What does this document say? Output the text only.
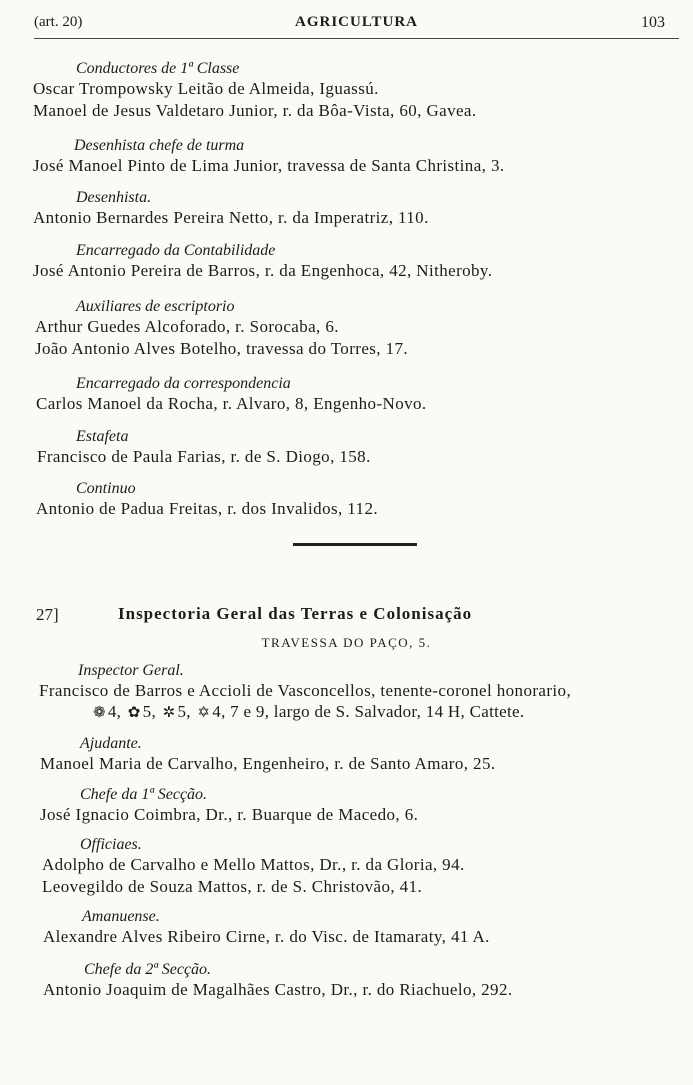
(art. 20)	AGRICULTURA	103
Conductores de 1ª Classe
Oscar Trompowsky Leitão de Almeida, Iguassú.
Manoel de Jesus Valdetaro Junior, r. da Bôa-Vista, 60, Gavea.
Desenhista chefe de turma
José Manoel Pinto de Lima Junior, travessa de Santa Christina, 3.
Desenhista.
Antonio Bernardes Pereira Netto, r. da Imperatriz, 110.
Encarregado da Contabilidade
José Antonio Pereira de Barros, r. da Engenhoca, 42, Nitheroby.
Auxiliares de escriptorio
Arthur Guedes Alcoforado, r. Sorocaba, 6.
João Antonio Alves Botelho, travessa do Torres, 17.
Encarregado da correspondencia
Carlos Manoel da Rocha, r. Alvaro, 8, Engenho-Novo.
Estafeta
Francisco de Paula Farias, r. de S. Diogo, 158.
Continuo
Antonio de Padua Freitas, r. dos Invalidos, 112.
27]	Inspectoria Geral das Terras e Colonisação
TRAVESSA DO PAÇO, 5.
Inspector Geral.
Francisco de Barros e Accioli de Vasconcellos, tenente-coronel honorario,
❁ 4, ✿ 5, ✲ 5, ✡ 4, 7 e 9, largo de S. Salvador, 14 H, Cattete.
Ajudante.
Manoel Maria de Carvalho, Engenheiro, r. de Santo Amaro, 25.
Chefe da 1ª Secção.
José Ignacio Coimbra, Dr., r. Buarque de Macedo, 6.
Officiaes.
Adolpho de Carvalho e Mello Mattos, Dr., r. da Gloria, 94.
Leovegildo de Souza Mattos, r. de S. Christovão, 41.
Amanuense.
Alexandre Alves Ribeiro Cirne, r. do Visc. de Itamaraty, 41 A.
Chefe da 2ª Secção.
Antonio Joaquim de Magalhães Castro, Dr., r. do Riachuelo, 292.
